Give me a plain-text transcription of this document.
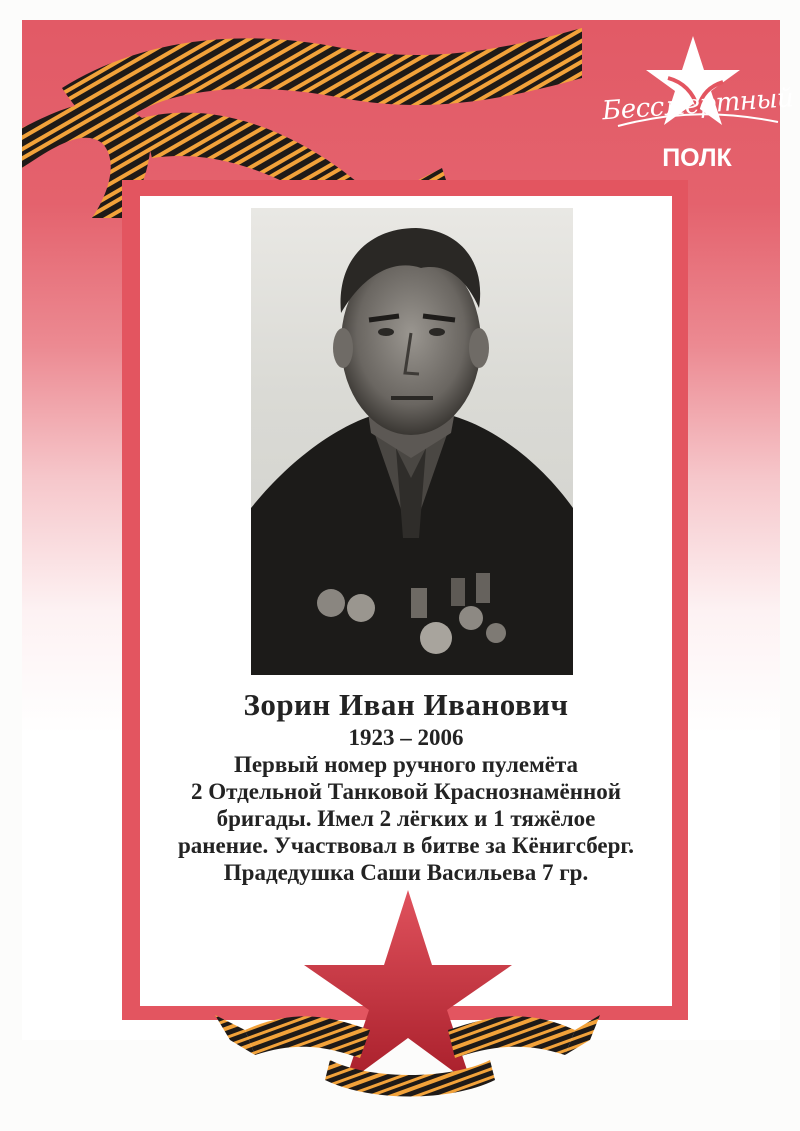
Бессмертный
ПОЛК

Зорин Иван Иванович

1923 – 2006

Первый номер ручного пулемёта

2 Отдельной Танковой Краснознамённой

бригады. Имел 2 лёгких и 1 тяжёлое

ранение. Участвовал в битве за Кёнигсберг.

Прадедушка Саши Васильева 7 гр.
